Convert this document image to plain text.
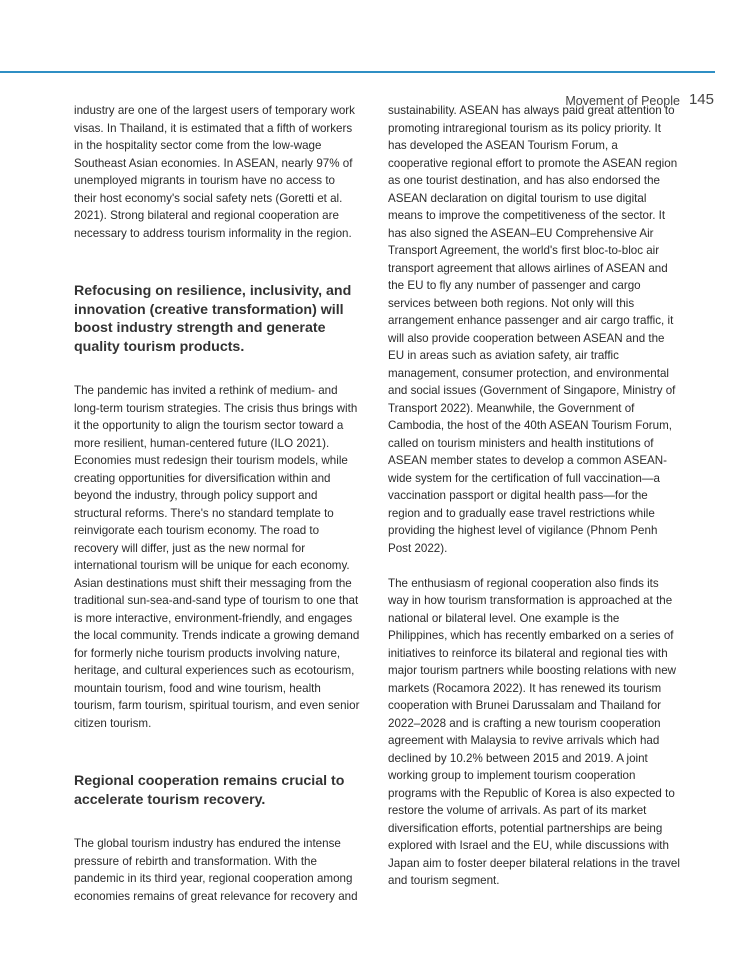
Movement of People 145

industry are one of the largest users of temporary work visas. In Thailand, it is estimated that a fifth of workers in the hospitality sector come from the low-wage Southeast Asian economies. In ASEAN, nearly 97% of unemployed migrants in tourism have no access to their host economy's social safety nets (Goretti et al. 2021). Strong bilateral and regional cooperation are necessary to address tourism informality in the region.

Refocusing on resilience, inclusivity, and innovation (creative transformation) will boost industry strength and generate quality tourism products.

The pandemic has invited a rethink of medium- and long-term tourism strategies. The crisis thus brings with it the opportunity to align the tourism sector toward a more resilient, human-centered future (ILO 2021). Economies must redesign their tourism models, while creating opportunities for diversification within and beyond the industry, through policy support and structural reforms. There's no standard template to reinvigorate each tourism economy. The road to recovery will differ, just as the new normal for international tourism will be unique for each economy. Asian destinations must shift their messaging from the traditional sun-sea-and-sand type of tourism to one that is more interactive, environment-friendly, and engages the local community. Trends indicate a growing demand for formerly niche tourism products involving nature, heritage, and cultural experiences such as ecotourism, mountain tourism, food and wine tourism, health tourism, farm tourism, spiritual tourism, and even senior citizen tourism.

Regional cooperation remains crucial to accelerate tourism recovery.

The global tourism industry has endured the intense pressure of rebirth and transformation. With the pandemic in its third year, regional cooperation among economies remains of great relevance for recovery and

sustainability. ASEAN has always paid great attention to promoting intraregional tourism as its policy priority. It has developed the ASEAN Tourism Forum, a cooperative regional effort to promote the ASEAN region as one tourist destination, and has also endorsed the ASEAN declaration on digital tourism to use digital means to improve the competitiveness of the sector. It has also signed the ASEAN–EU Comprehensive Air Transport Agreement, the world's first bloc-to-bloc air transport agreement that allows airlines of ASEAN and the EU to fly any number of passenger and cargo services between both regions. Not only will this arrangement enhance passenger and air cargo traffic, it will also provide cooperation between ASEAN and the EU in areas such as aviation safety, air traffic management, consumer protection, and environmental and social issues (Government of Singapore, Ministry of Transport 2022). Meanwhile, the Government of Cambodia, the host of the 40th ASEAN Tourism Forum, called on tourism ministers and health institutions of ASEAN member states to develop a common ASEAN-wide system for the certification of full vaccination—a vaccination passport or digital health pass—for the region and to gradually ease travel restrictions while providing the highest level of vigilance (Phnom Penh Post 2022).

The enthusiasm of regional cooperation also finds its way in how tourism transformation is approached at the national or bilateral level. One example is the Philippines, which has recently embarked on a series of initiatives to reinforce its bilateral and regional ties with major tourism partners while boosting relations with new markets (Rocamora 2022). It has renewed its tourism cooperation with Brunei Darussalam and Thailand for 2022–2028 and is crafting a new tourism cooperation agreement with Malaysia to revive arrivals which had declined by 10.2% between 2015 and 2019. A joint working group to implement tourism cooperation programs with the Republic of Korea is also expected to restore the volume of arrivals. As part of its market diversification efforts, potential partnerships are being explored with Israel and the EU, while discussions with Japan aim to foster deeper bilateral relations in the travel and tourism segment.
